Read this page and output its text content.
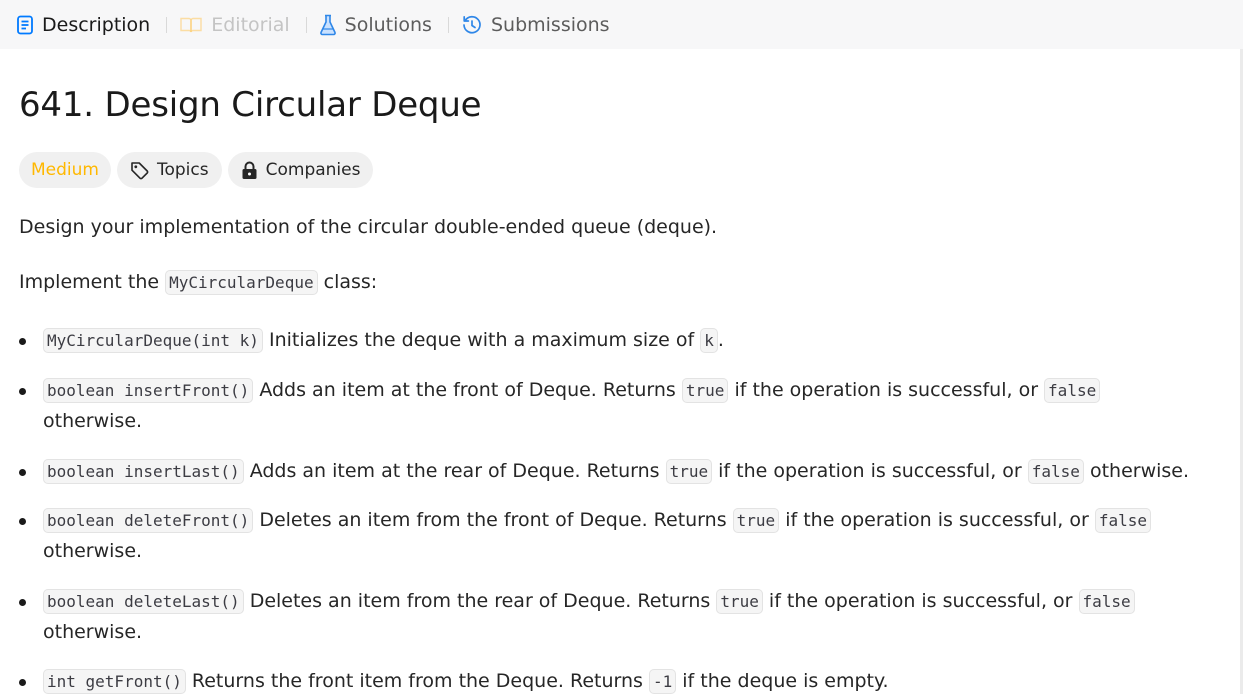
Description	Editorial	Solutions	Submissions
641. Design Circular Deque
Medium	Topics	Companies

Design your implementation of the circular double-ended queue (deque).

Implement the MyCircularDeque class:

MyCircularDeque(int k) Initializes the deque with a maximum size of k .
boolean insertFront() Adds an item at the front of Deque. Returns true if the operation is successful, or false
otherwise.
boolean insertLast() Adds an item at the rear of Deque. Returns true if the operation is successful, or false otherwise.
boolean deleteFront() Deletes an item from the front of Deque. Returns true if the operation is successful, or false
otherwise.
boolean deleteLast() Deletes an item from the rear of Deque. Returns true if the operation is successful, or false
otherwise.
int getFront() Returns the front item from the Deque. Returns -1 if the deque is empty.
